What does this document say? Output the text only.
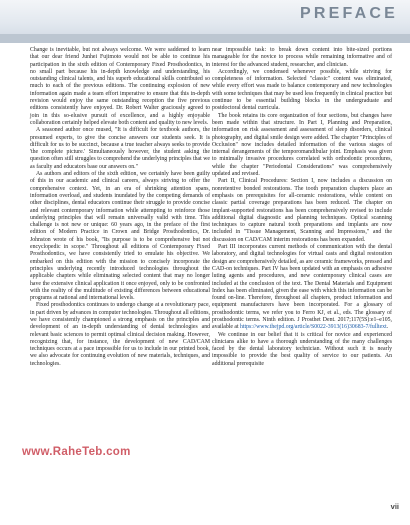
PREFACE

Change is inevitable, but not always welcome. We were saddened to learn that our dear friend Junhei Fujimoto would not be able to continue his participation in the sixth edition of Contemporary Fixed Prosthodontics, in no small part because his in-depth knowledge and understanding, his outstanding clinical talents, and his superb educational skills contributed so much to each of the previous editions. The continuing explosion of new information again made a team effort imperative to ensure that this in-depth revision would enjoy the same outstanding reception the five previous editions consistently have enjoyed. Dr. Robert Walter graciously agreed to join in this so-elusive pursuit of excellence, and a highly enjoyable collaboration certainly helped elevate both content and quality to new levels.

A seasoned author once mused, "It is difficult for textbook authors, the presumed experts, to give the concise answers our students seek. It is difficult for us to be succinct, because a true teacher always seeks to provide 'the complete picture.' Simultaneously however, the student asking the question often still struggles to comprehend the underlying principles that we as faculty and educators base our answers on."

As authors and editors of the sixth edition, we certainly have been guilty of this in our academic and clinical careers, always striving to offer the comprehensive context. Yet, in an era of shrinking attention spans, information overload, and students inundated by the competing demands of other disciplines, dental educators continue their struggle to provide concise and relevant contemporary information while attempting to reinforce those underlying principles that will remain universally valid with time. This challenge is not new or unique: 60 years ago, in the preface of the first edition of Modern Practice in Crown and Bridge Prosthodontics, Dr. Johnston wrote of his book, "Its purpose is to be comprehensive but not encyclopedic in scope." Throughout all editions of Contemporary Fixed Prosthodontics, we have consistently tried to emulate his objective. We embarked on this edition with the mission to concisely incorporate the principles underlying recently introduced technologies throughout the applicable chapters while eliminating selected content that may no longer have the extensive clinical application it once enjoyed, only to be confronted with the reality of the multitude of existing differences between educational programs at national and international levels.

Fixed prosthodontics continues to undergo change at a revolutionary pace, in part driven by advances in computer technologies. Throughout all editions, we have consistently championed a strong emphasis on the principles and development of an in-depth understanding of dental technologies and relevant basic sciences to permit optimal clinical decision making. However, recognizing that, for instance, the development of new CAD/CAM techniques occurs at a pace impossible for us to include in our printed book, we also advocate for continuing evolution of new materials, techniques, and technologies.

near impossible task: to break down content into bite-sized portions manageable for the novice to process while remaining informative and of interest for the advanced student, researcher, and clinician.

Accordingly, we condensed whenever possible, while striving for completeness of information. Selected "classic" content was eliminated, while every effort was made to balance contemporary and new technologies with some techniques that may be used less frequently in clinical practice but continue to be essential building blocks in the undergraduate and postdoctoral dental curricula.

The book retains its core organization of four sections, but changes have been made within that structure. In Part I, Planning and Preparation, information on risk assessment and assessment of sleep disorders, clinical photography, and digital smile design were added. The chapter "Principles of Occlusion" now includes detailed information of the various stages of internal derangements of the temporomandibular joint. Emphasis was given to minimally invasive procedures correlated with orthodontic procedures, while the chapter "Periodontal Considerations" was comprehensively updated and revised.

Part II, Clinical Procedures: Section I, now includes a discussion on nonretentive bonded restorations. The tooth preparation chapters place an emphasis on prerequisites for all-ceramic restorations, while content on classic partial coverage preparations has been reduced. The chapter on implant-supported restorations has been comprehensively revised to include additional digital diagnostic and planning techniques. Optical scanning techniques to capture natural tooth preparations and implants are now included in "Tissue Management, Scanning and Impressions," and the discussion on CAD/CAM interim restorations has been expanded.

Part III incorporates current methods of communication with the dental laboratory, and digital technologies for virtual casts and digital restoration design are comprehensively detailed, as are ceramic frameworks, pressed and CAD-on techniques. Part IV has been updated with an emphasis on adhesive luting agents and procedures, and new contemporary clinical cases are included at the conclusion of the text. The Dental Materials and Equipment Index has been eliminated, given the ease with which this information can be found on-line. Therefore, throughout all chapters, product information and equipment manufacturers have been incorporated. For a glossary of prosthodontic terms, we refer you to Ferro KJ, et al., eds. The glossary of prosthodontic terms. Ninth edition. J Prosthet Dent. 2017;117(5S):e1–e105, available at https://www.thejpd.org/article/S0022-3913(16)30683-7/fulltext.

We continue in our belief that it is critical for novice and experienced clinicians alike to have a thorough understanding of the many challenges faced by the dental laboratory technician. Without such it is nearly impossible to provide the best quality of service to our patients. An additional prerequisite

www.RaheTeb.com
vii
